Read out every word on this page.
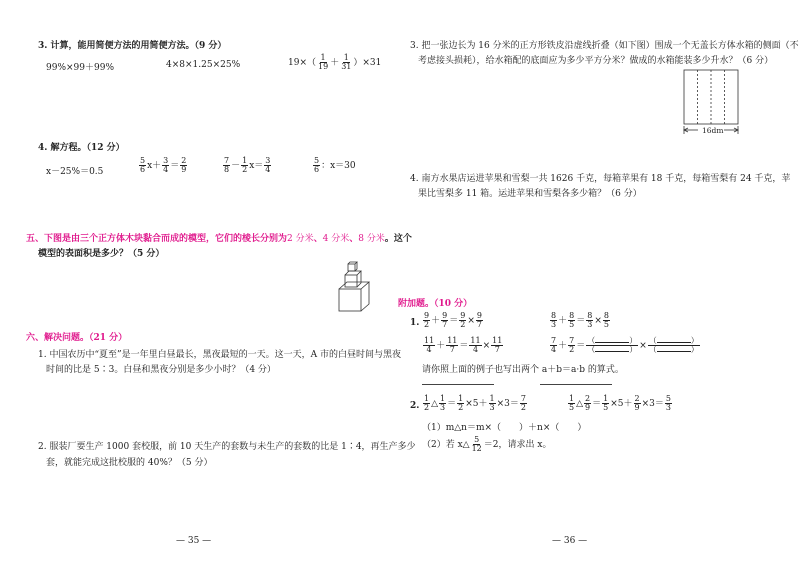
3. 计算，能用简便方法的用简便方法。（9 分）
99%×99＋99%	4×8×1.25×25%	$19\times( \frac{1}{19} + \frac{1}{31} )\times 31$
4. 解方程。（12 分）
x－25%＝0.5	$\frac{5}{6} x+ \frac{3}{4} = \frac{2}{9}$	$\frac{7}{8} - \frac{1}{2} x= \frac{3}{4}$	$\frac{5}{6}$ ：x＝30
五、下图是由三个正方体木块黏合而成的模型，它们的棱长分别为2 分米、4 分米、8 分米。这个
模型的表面积是多少？（5 分）
六、解决问题。（21 分）
1. 中国农历中“夏至”是一年里白昼最长，黑夜最短的一天。这一天，A 市的白昼时间与黑夜
时间的比是 5∶3。白昼和黑夜分别是多少小时？（4 分）
2. 服装厂要生产 1000 套校服，前 10 天生产的套数与未生产的套数的比是 1∶4，再生产多少
套，就能完成这批校服的 40%？（5 分）
— 35 —
3. 把一张边长为 16 分米的正方形铁皮沿虚线折叠（如下图）围成一个无盖长方体水箱的侧面（不
考虑接头损耗），给水箱配的底面应为多少平方分米？做成的水箱能装多少升水？（6 分）
16dm
4. 南方水果店运进苹果和雪梨一共 1626 千克，每箱苹果有 18 千克，每箱雪梨有 24 千克，苹
果比雪梨多 11 箱。运进苹果和雪梨各多少箱？（6 分）
附加题。（10 分）
1. $\frac{9}{2} + \frac{9}{7} = \frac{9}{2} \times \frac{9}{7}$	$\frac{8}{3} + \frac{8}{5} = \frac{8}{3} \times \frac{8}{5}$
$\frac{11}{4} + \frac{11}{7} = \frac{11}{4} \times \frac{11}{7}$	$\frac{7}{4} + \frac{7}{2}$ ＝ （	）
（	） × （	）
（	）
请你照上面的例子也写出两个 a＋b＝a·b 的算式。
2. $\frac{1}{2}$ △ $\frac{1}{3} = \frac{1}{2} \times 5+ \frac{1}{3} \times 3= \frac{7}{2}$	$\frac{1}{5}$ △ $\frac{2}{9} = \frac{1}{5} \times 5+ \frac{2}{9} \times 3= \frac{5}{3}$
（1）m△n＝m×（　　）＋n×（　　）
（2）若 x△ $\frac{5}{12} =2$，请求出 x。
— 36 —
